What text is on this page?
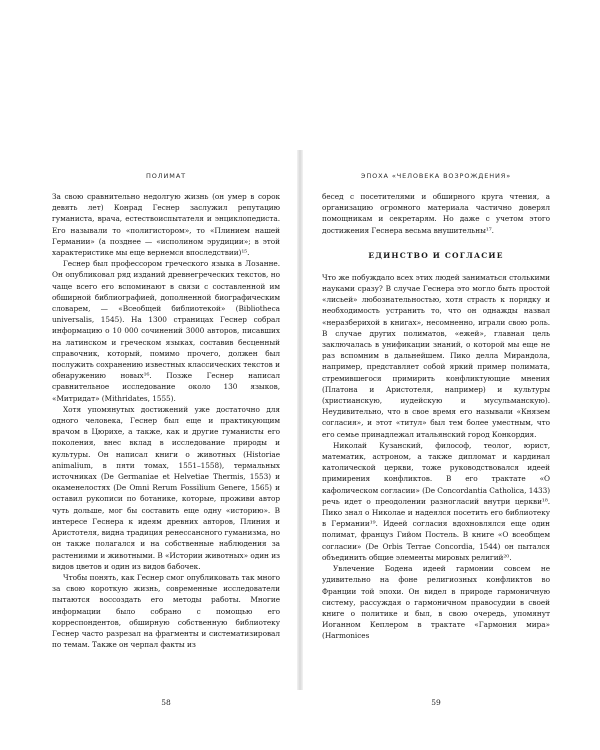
ПОЛИМАТ

За свою сравнительно недолгую жизнь (он умер в сорок девять лет) Конрад Геснер заслужил репутацию гуманиста, врача, естествоиспытателя и энциклопедиста. Его называли то «полигистором», то «Плинием нашей Германии» (а позднее — «исполином эрудиции»; в этой характеристике мы еще вернемся впоследствии)¹⁵.

Геснер был профессором греческого языка в Лозанне. Он опубликовал ряд изданий древнегреческих текстов, но чаще всего его вспоминают в связи с составленной им обширной библиографией, дополненной биографическим словарем, — «Всеобщей библиотекой» (Bibliotheca universalis, 1545). На 1300 страницах Геснер собрал информацию о 10 000 сочинений 3000 авторов, писавших на латинском и греческом языках, составив бесценный справочник, который, помимо прочего, должен был послужить сохранению известных классических текстов и обнаружению новых¹⁶. Позже Геснер написал сравнительное исследование около 130 языков, «Митридат» (Mithridates, 1555).

Хотя упомянутых достижений уже достаточно для одного человека, Геснер был еще и практикующим врачом в Цюрихе, а также, как и другие гуманисты его поколения, внес вклад в исследование природы и культуры. Он написал книги о животных (Historiae animalium, в пяти томах, 1551–1558), термальных источниках (De Germaniae et Helvetiae Thermis, 1553) и окаменелостях (De Omni Rerum Fossilium Genere, 1565) и оставил рукописи по ботанике, которые, проживи автор чуть дольше, мог бы составить еще одну «историю». В интересе Геснера к идеям древних авторов, Плиния и Аристотеля, видна традиция ренессансного гуманизма, но он также полагался и на собственные наблюдения за растениями и животными. В «Истории животных» один из видов цветов и один из видов бабочек.

Чтобы понять, как Геснер смог опубликовать так много за свою короткую жизнь, современные исследователи пытаются воссоздать его методы работы. Многие информации было собрано с помощью его корреспондентов, обширную собственную библиотеку Геснер часто разрезал на фрагменты и систематизировал по темам. Также он черпал факты из

58
ЭПОХА «ЧЕЛОВЕКА ВОЗРОЖДЕНИЯ»

бесед с посетителями и обширного круга чтения, а организацию огромного материала частично доверял помощникам и секретарям. Но даже с учетом этого достижения Геснера весьма внушительны¹⁷.

ЕДИНСТВО И СОГЛАСИЕ

Что же побуждало всех этих людей заниматься столькими науками сразу? В случае Геснера это могло быть простой «лисьей» любознательностью, хотя страсть к порядку и необходимость устранить то, что он однажды назвал «неразберихой в книгах», несомненно, играли свою роль. В случае других полиматов, «ежей», главная цель заключалась в унификации знаний, о которой мы еще не раз вспомним в дальнейшем. Пико делла Мирандола, например, представляет собой яркий пример полимата, стремившегося примирить конфликтующие мнения (Платона и Аристотеля, например) и культуры (христианскую, иудейскую и мусульманскую). Неудивительно, что в свое время его называли «Князем согласия», и этот «титул» был тем более уместным, что его семье принадлежал итальянский город Конкордия.

Николай Кузанский, философ, теолог, юрист, математик, астроном, а также дипломат и кардинал католической церкви, тоже руководствовался идеей примирения конфликтов. В его трактате «О кафолическом согласии» (De Concordantia Catholica, 1433) речь идет о преодолении разногласий внутри церкви¹⁸. Пико знал о Николае и надеялся посетить его библиотеку в Германии¹⁹. Идеей согласия вдохновлялся еще один полимат, француз Гийом Постель. В книге «О всеобщем согласии» (De Orbis Terrae Concordia, 1544) он пытался объединить общие элементы мировых религий²⁰.

Увлечение Бодена идеей гармонии совсем не удивительно на фоне религиозных конфликтов во Франции той эпохи. Он видел в природе гармоничную систему, рассуждая о гармоничном правосудии в своей книге о политике и был, в свою очередь, упомянут Иоганном Кеплером в трактате «Гармония мира» (Harmonices

59
